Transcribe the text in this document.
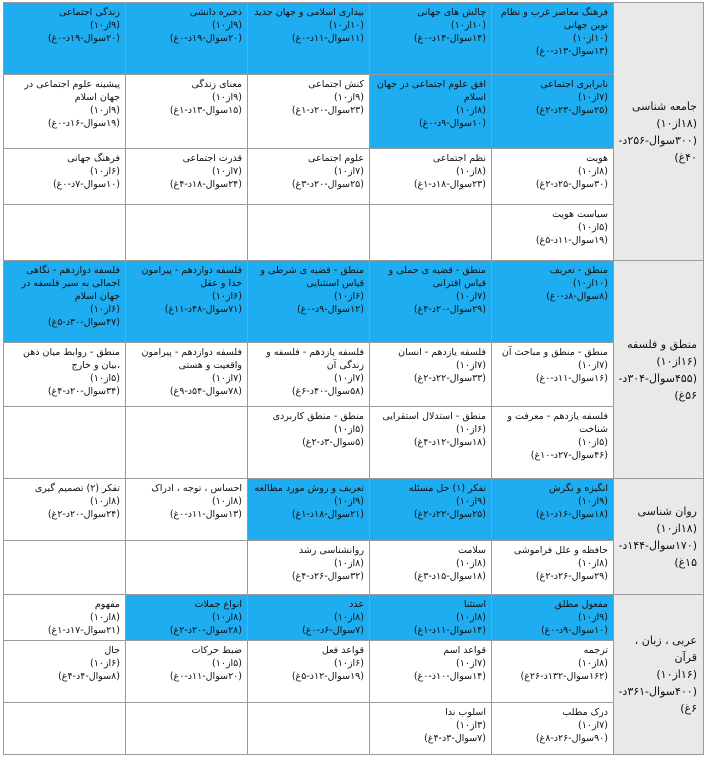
جامعه شناسی (۱۸از۱۰)
(۳۰۰سوال-۲۵۶د-
۴۰غ)	فرهنگ معاصر غرب و تظام نوین جهانی
(۱۰از۱۰)
(۱۳سوال-۱۳د-۰غ)	چالش های جهانی
(۱۰از۱۰)
(۱۴سوال-۱۴د-۰غ)	بیداری اسلامی و جهان جدید
(۱۰از۱۰)
(۱۱سوال-۱۱د-۰غ)	ذخیره دانشی
(۹از۱۰)
(۲۰سوال-۱۹د-۰غ)	زندگی اجتماعی
(۹از۱۰)
(۲۰سوال-۱۹د-۰غ)

	نابرابری اجتماعی
(۷از۱۰)
(۲۵سوال-۲۳د-۲غ)	افق علوم اجتماعی در جهان اسلام
(۸از۱۰)
(۱۰سوال-۹د-۰غ)	کنش اجتماعی
(۹از۱۰)
(۲۳سوال-۲۰د-۱غ)	معنای زندگی
(۹از۱۰)
(۱۵سوال-۱۳د-۱غ)	پیشینه علوم اجتماعی در جهان اسلام
(۹از۱۰)
(۱۹سوال-۱۶د-۰غ)

	هویت
(۸از۱۰)
(۳۰سوال-۲۵د-۲غ)	نظم اجتماعی
(۸از۱۰)
(۲۳سوال-۱۸د-۱غ)	علوم اجتماعی
(۷از۱۰)
(۲۵سوال-۲۰د-۳غ)	قدرت اجتماعی
(۷از۱۰)
(۲۴سوال-۱۸د-۴غ)	فرهنگ جهانی
(۶از۱۰)
(۱۰سوال-۷د-۰غ)

	سیاست هویت
(۵از۱۰)
(۱۹سوال-۱۱د-۵غ)				

منطق و فلسفه (۱۶از۱۰)
(۴۵۵سوال-۳۰۴د-
۵۶غ)	منطق - تعریف
(۱۰از۱۰)
(۸سوال-۸د-۰غ)	منطق - قضیه ی حملی و قیاس اقترانی
(۷از۱۰)
(۲۹سوال-۲۰د-۴غ)	منطق - قضیه ی شرطی و قیاس استثنایی
(۶از۱۰)
(۱۲سوال-۹د-۰غ)	فلسفه دوازدهم - پیرامون خدا و عقل
(۶از۱۰)
(۷۱سوال-۴۸د-۱۱غ)	فلسفه دوازدهم - نگاهی اجمالی به سیر فلسفه در جهان اسلام
(۶از۱۰)
(۴۷سوال-۳۰د-۵غ)

	منطق - منطق و مباحث آن
(۷از۱۰)
(۱۶سوال-۱۱د-۰غ)	فلسفه یازدهم - انسان
(۷از۱۰)
(۳۳سوال-۲۲د-۲غ)	فلسفه یازدهم - فلسفه و زندگی آن
(۷از۱۰)
(۵۸سوال-۴۰د-۶غ)	فلسفه دوازدهم - پیرامون واقعیت و هستی
(۷از۱۰)
(۷۸سوال-۵۴د-۹غ)	منطق - روابط میان ذهن ،بیان و خارج
(۵از۱۰)
(۳۴سوال-۲۰د-۴غ)

	فلسفه یازدهم - معرفت و شناخت
(۵از۱۰)
(۴۶سوال-۲۷د-۱۰غ)	منطق - استدلال استقرایی
(۶از۱۰)
(۱۸سوال-۱۲د-۴غ)	منطق - منطق کاربردی
(۵از۱۰)
(۵سوال-۳د-۲غ)		

روان شناسی (۱۸از۱۰)
(۱۷۰سوال-۱۴۴د-
۱۵غ)	انگیزه و نگرش
(۹از۱۰)
(۱۸سوال-۱۶د-۱غ)	تفکر (۱) حل مسئله
(۹از۱۰)
(۲۵سوال-۲۲د-۲غ)	تعریف و روش مورد مطالعه
(۹از۱۰)
(۲۱سوال-۱۸د-۱غ)	احساس ، توجه ، ادراک
(۸از۱۰)
(۱۳سوال-۱۱د-۰غ)	تفکر (۲) تصمیم گیری
(۸از۱۰)
(۲۴سوال-۲۰د-۲غ)

	حافظه و علل فراموشی
(۸از۱۰)
(۲۹سوال-۲۶د-۲غ)	سلامت
(۸از۱۰)
(۱۸سوال-۱۵د-۳غ)	روانشناسی رشد
(۸از۱۰)
(۳۲سوال-۲۶د-۴غ)		

عربی ، زبان ، قرآن
(۱۶از۱۰)
(۴۰۰سوال-۳۶۱د-
۶غ)	مفعول مطلق
(۹از۱۰)
(۱۰سوال-۹د-۰غ)	استثنا
(۸از۱۰)
(۱۴سوال-۱۱د-۱غ)	عدد
(۸از۱۰)
(۷سوال-۶د-۰غ)	انواع جملات
(۸از۱۰)
(۲۸سوال-۲۰د-۲غ)	مفهوم
(۸از۱۰)
(۲۱سوال-۱۷د-۱غ)

	ترجمه
(۸از۱۰)
(۱۶۲سوال-۱۳۲د-۲۶غ)	قواعد اسم
(۷از۱۰)
(۱۴سوال-۱۰د-۰غ)	قواعد فعل
(۶از۱۰)
(۱۹سوال-۱۲د-۵غ)	ضبط حرکات
(۵از۱۰)
(۲۰سوال-۱۱د-۰غ)	حال
(۶از۱۰)
(۸سوال-۴د-۴غ)

	درک مطلب
(۷از۱۰)
(۹۰سوال-۲۶د-۸غ)	اسلوب ندا
(۳از۱۰)
(۷سوال-۳د-۴غ)			
